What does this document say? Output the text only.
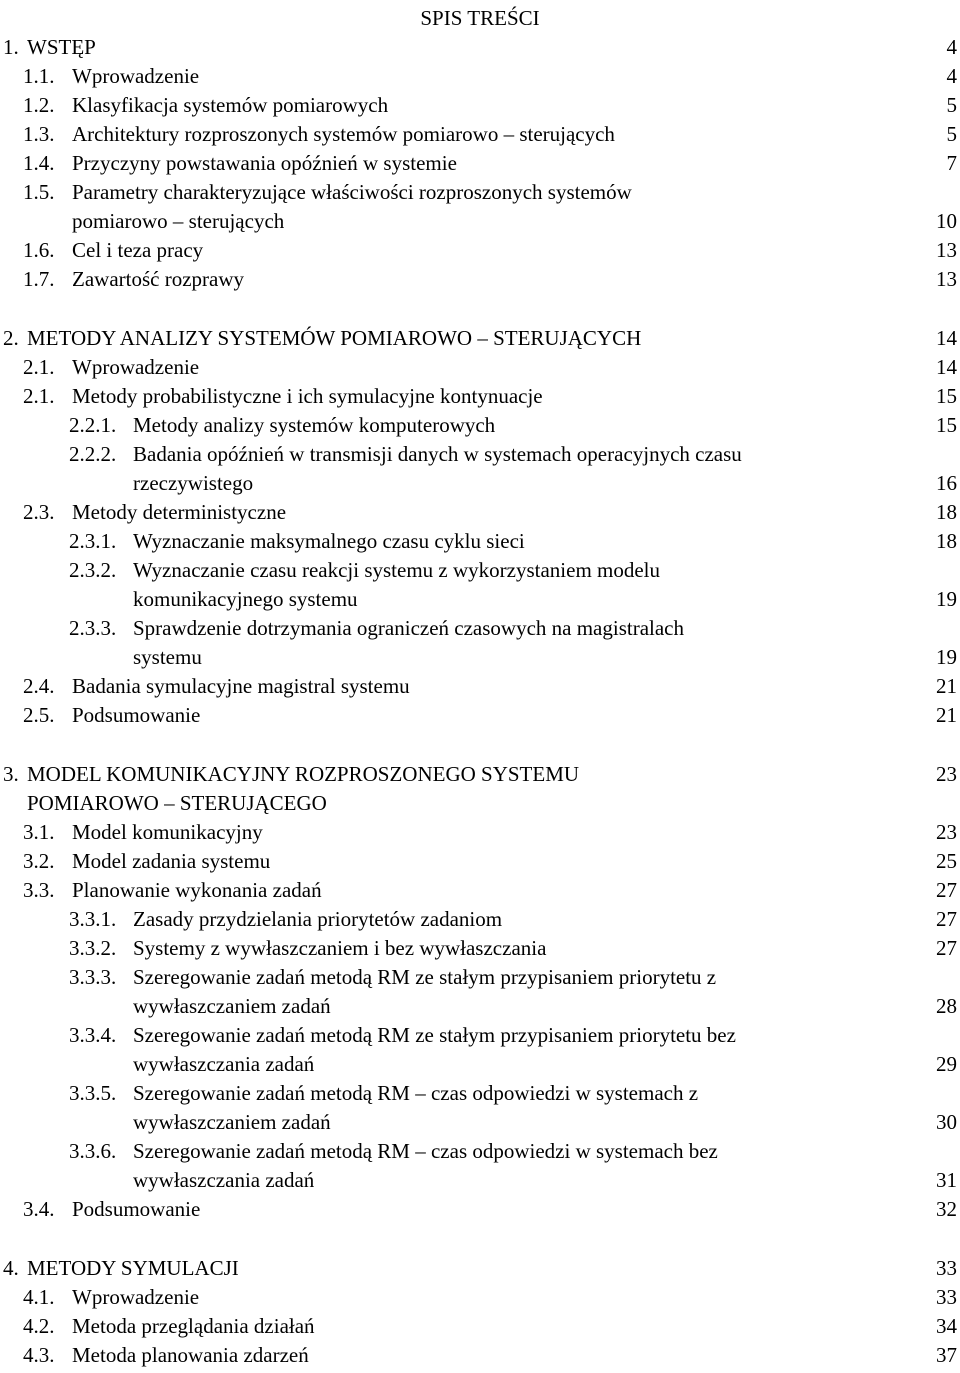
SPIS TREŚCI
1. WSTĘP	4
1.1. Wprowadzenie	4
1.2. Klasyfikacja systemów pomiarowych	5
1.3. Architektury rozproszonych systemów pomiarowo – sterujących	5
1.4. Przyczyny powstawania opóźnień w systemie	7
1.5. Parametry charakteryzujące właściwości rozproszonych systemów
pomiarowo – sterujących	10
1.6. Cel i teza pracy	13
1.7. Zawartość rozprawy	13
2. METODY ANALIZY SYSTEMÓW POMIAROWO – STERUJĄCYCH	14
2.1. Wprowadzenie	14
2.1. Metody probabilistyczne i ich symulacyjne kontynuacje	15
2.2.1. Metody analizy systemów komputerowych	15
2.2.2. Badania opóźnień w transmisji danych w systemach operacyjnych czasu
rzeczywistego	16
2.3. Metody deterministyczne	18
2.3.1. Wyznaczanie maksymalnego czasu cyklu sieci	18
2.3.2. Wyznaczanie czasu reakcji systemu z wykorzystaniem modelu
komunikacyjnego systemu	19
2.3.3. Sprawdzenie dotrzymania ograniczeń czasowych na magistralach
systemu	19
2.4. Badania symulacyjne magistral systemu	21
2.5. Podsumowanie	21
3. MODEL KOMUNIKACYJNY ROZPROSZONEGO SYSTEMU	23
POMIAROWO – STERUJĄCEGO
3.1. Model komunikacyjny	23
3.2. Model zadania systemu	25
3.3. Planowanie wykonania zadań	27
3.3.1. Zasady przydzielania priorytetów zadaniom	27
3.3.2. Systemy z wywłaszczaniem i bez wywłaszczania	27
3.3.3. Szeregowanie zadań metodą RM ze stałym przypisaniem priorytetu z
wywłaszczaniem zadań	28
3.3.4. Szeregowanie zadań metodą RM ze stałym przypisaniem priorytetu bez
wywłaszczania zadań	29
3.3.5. Szeregowanie zadań metodą RM – czas odpowiedzi w systemach z
wywłaszczaniem zadań	30
3.3.6. Szeregowanie zadań metodą RM – czas odpowiedzi w systemach bez
wywłaszczania zadań	31
3.4. Podsumowanie	32
4. METODY SYMULACJI	33
4.1. Wprowadzenie	33
4.2. Metoda przeglądania działań	34
4.3. Metoda planowania zdarzeń	37
